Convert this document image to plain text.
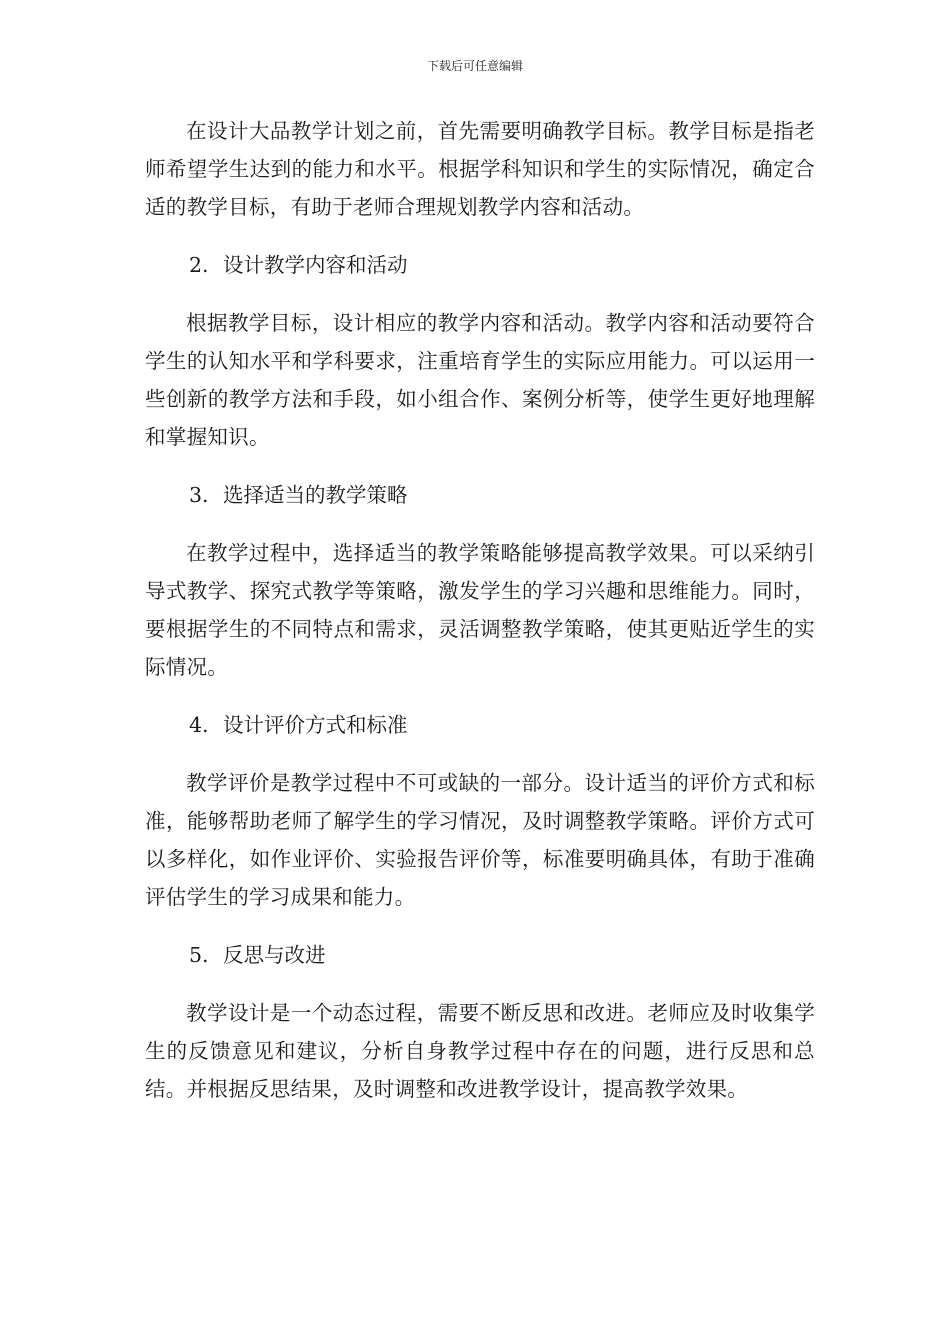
下载后可任意编辑

在设计大品教学计划之前，首先需要明确教学目标。教学目标是指老师希望学生达到的能力和水平。根据学科知识和学生的实际情况，确定合适的教学目标，有助于老师合理规划教学内容和活动。

2. 设计教学内容和活动

根据教学目标，设计相应的教学内容和活动。教学内容和活动要符合学生的认知水平和学科要求，注重培育学生的实际应用能力。可以运用一些创新的教学方法和手段，如小组合作、案例分析等，使学生更好地理解和掌握知识。

3. 选择适当的教学策略

在教学过程中，选择适当的教学策略能够提高教学效果。可以采纳引导式教学、探究式教学等策略，激发学生的学习兴趣和思维能力。同时，要根据学生的不同特点和需求，灵活调整教学策略，使其更贴近学生的实际情况。

4. 设计评价方式和标准

教学评价是教学过程中不可或缺的一部分。设计适当的评价方式和标准，能够帮助老师了解学生的学习情况，及时调整教学策略。评价方式可以多样化，如作业评价、实验报告评价等，标准要明确具体，有助于准确评估学生的学习成果和能力。

5. 反思与改进

教学设计是一个动态过程，需要不断反思和改进。老师应及时收集学生的反馈意见和建议，分析自身教学过程中存在的问题，进行反思和总结。并根据反思结果，及时调整和改进教学设计，提高教学效果。
